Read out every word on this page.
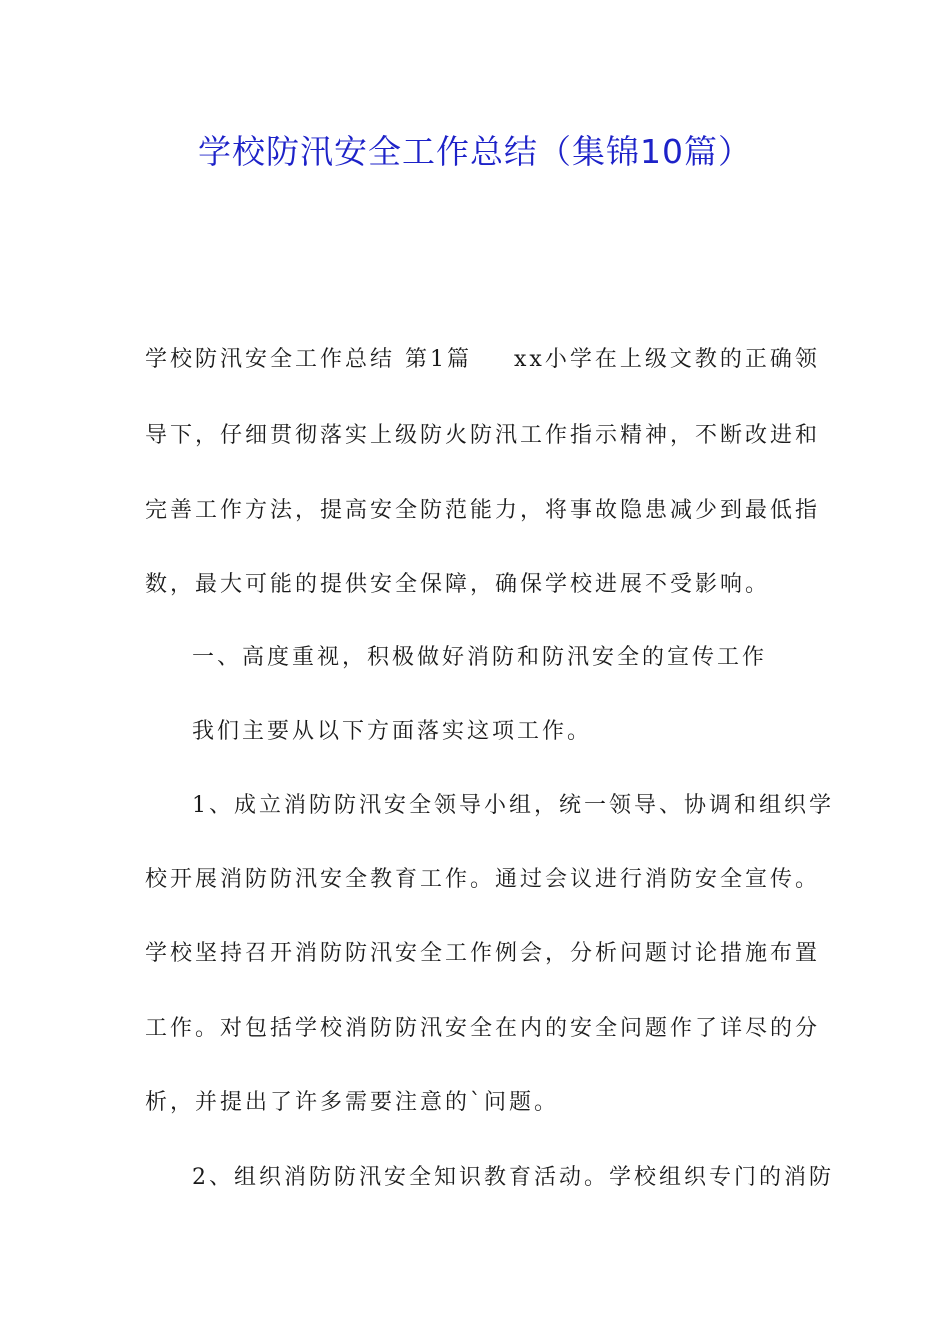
学校防汛安全工作总结（集锦10篇）
学校防汛安全工作总结 第1篇 xx小学在上级文教的正确领
导下，仔细贯彻落实上级防火防汛工作指示精神，不断改进和
完善工作方法，提高安全防范能力，将事故隐患减少到最低指
数，最大可能的提供安全保障，确保学校进展不受影响。
一、高度重视，积极做好消防和防汛安全的宣传工作
我们主要从以下方面落实这项工作。
1、成立消防防汛安全领导小组，统一领导、协调和组织学
校开展消防防汛安全教育工作。通过会议进行消防安全宣传。
学校坚持召开消防防汛安全工作例会，分析问题讨论措施布置
工作。对包括学校消防防汛安全在内的安全问题作了详尽的分
析，并提出了许多需要注意的`问题。
2、组织消防防汛安全知识教育活动。学校组织专门的消防
